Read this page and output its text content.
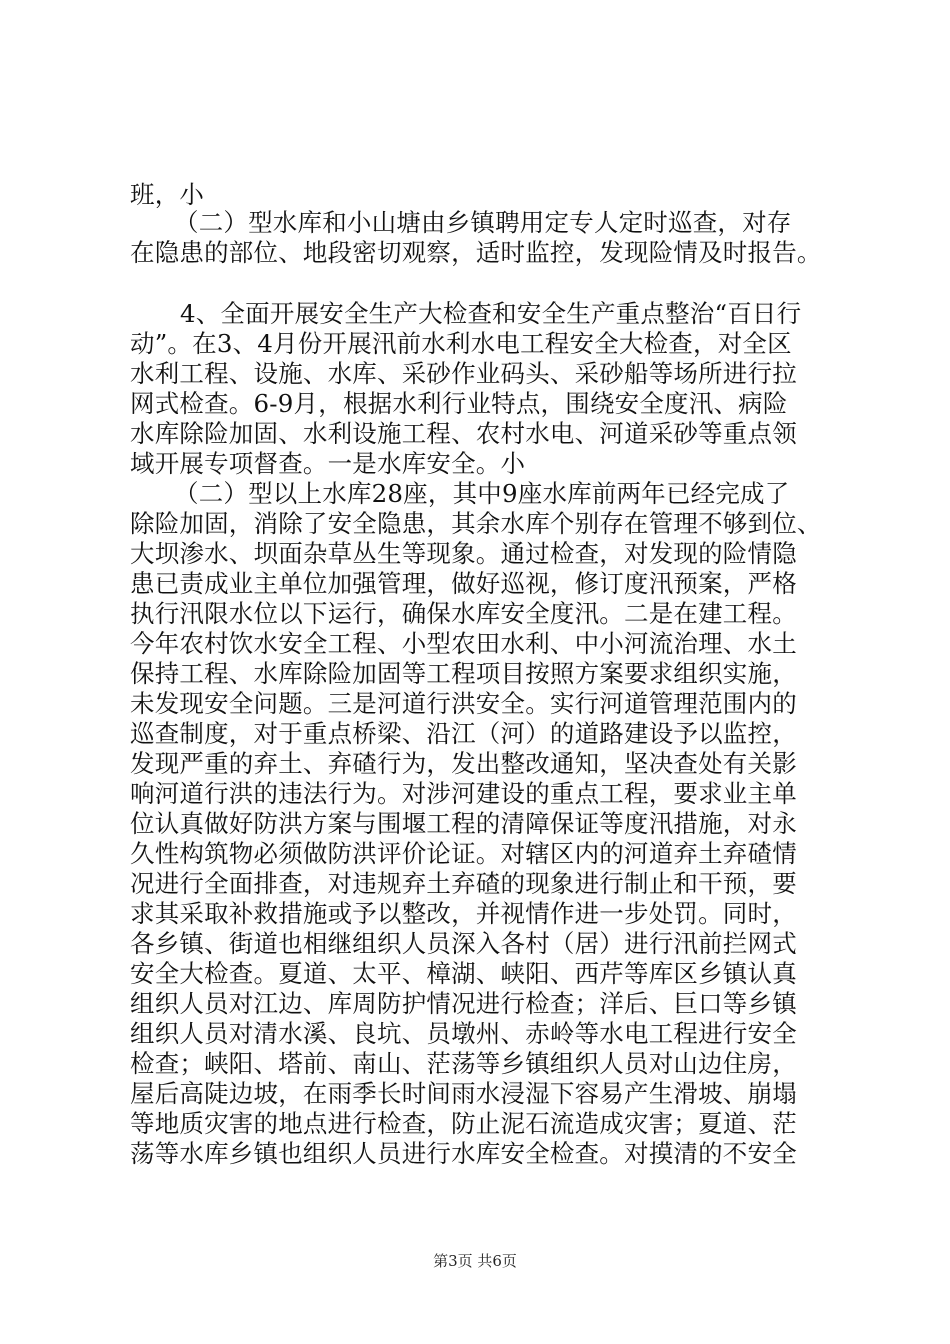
班，小
（二）型水库和小山塘由乡镇聘用定专人定时巡查，对存
在隐患的部位、地段密切观察，适时监控，发现险情及时报告。
4、全面开展安全生产大检查和安全生产重点整治“百日行
动”。在3、4月份开展汛前水利水电工程安全大检查，对全区
水利工程、设施、水库、采砂作业码头、采砂船等场所进行拉
网式检查。6-9月，根据水利行业特点，围绕安全度汛、病险
水库除险加固、水利设施工程、农村水电、河道采砂等重点领
域开展专项督查。一是水库安全。小
（二）型以上水库28座，其中9座水库前两年已经完成了
除险加固，消除了安全隐患，其余水库个别存在管理不够到位、
大坝渗水、坝面杂草丛生等现象。通过检查，对发现的险情隐
患已责成业主单位加强管理，做好巡视，修订度汛预案，严格
执行汛限水位以下运行，确保水库安全度汛。二是在建工程。
今年农村饮水安全工程、小型农田水利、中小河流治理、水土
保持工程、水库除险加固等工程项目按照方案要求组织实施，
未发现安全问题。三是河道行洪安全。实行河道管理范围内的
巡查制度，对于重点桥梁、沿江（河）的道路建设予以监控，
发现严重的弃土、弃碴行为，发出整改通知，坚决查处有关影
响河道行洪的违法行为。对涉河建设的重点工程，要求业主单
位认真做好防洪方案与围堰工程的清障保证等度汛措施，对永
久性构筑物必须做防洪评价论证。对辖区内的河道弃土弃碴情
况进行全面排查，对违规弃土弃碴的现象进行制止和干预，要
求其采取补救措施或予以整改，并视情作进一步处罚。同时，
各乡镇、街道也相继组织人员深入各村（居）进行汛前拦网式
安全大检查。夏道、太平、樟湖、峡阳、西芹等库区乡镇认真
组织人员对江边、库周防护情况进行检查；洋后、巨口等乡镇
组织人员对清水溪、良坑、员墩州、赤岭等水电工程进行安全
检查；峡阳、塔前、南山、茫荡等乡镇组织人员对山边住房，
屋后高陡边坡，在雨季长时间雨水浸湿下容易产生滑坡、崩塌
等地质灾害的地点进行检查，防止泥石流造成灾害；夏道、茫
荡等水库乡镇也组织人员进行水库安全检查。对摸清的不安全
第3页 共6页
